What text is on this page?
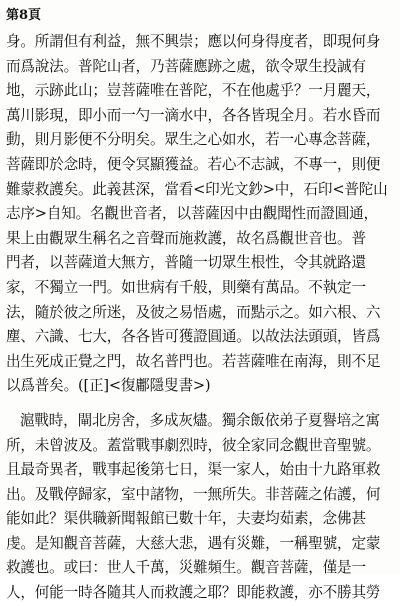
第8頁
身。所謂但有利益，無不興崇；應以何身得度者，即現何身
而爲說法。普陀山者，乃菩薩應跡之處，欲令眾生投誠有
地，示跡此山；豈菩薩唯在普陀，不在他處乎？一月麗天，
萬川影現，即小而一勺一滴水中，各各皆現全月。若水昏而
動，則月影便不分明矣。眾生之心如水，若一心專念菩薩，
菩薩即於念時，便令冥顯獲益。若心不志誠，不專一，則便
難蒙救護矣。此義甚深，當看<印光文鈔>中，石印<普陀山
志序>自知。名觀世音者，以菩薩因中由觀聞性而證圓通，
果上由觀眾生稱名之音聲而施救護，故名爲觀世音也。普
門者，以菩薩道大無方，普隨一切眾生根性，令其就路還
家，不獨立一門。如世病有千般，則藥有萬品。不執定一
法，隨於彼之所迷，及彼之易悟處，而點示之。如六根、六
塵、六識、七大，各各皆可獲證圓通。以故法法頭頭，皆爲
出生死成正覺之門，故名普門也。若菩薩唯在南海，則不足
以爲普矣。([正]<復鄘隱叟書>)
滬戰時，閘北房舍，多成灰燼。獨余飯依弟子夏譽培之寓
所，未曾波及。蓋當戰事劇烈時，彼全家同念觀世音聖號。
且最奇異者，戰事起後第七日，渠一家人，始由十九路軍救
出。及戰停歸家，室中諸物，一無所失。非菩薩之佑護，何
能如此？渠供職新聞報館已數十年，夫妻均茹素，念佛甚
虔。是知觀音菩薩，大慈大悲，遇有災難，一稱聖號，定蒙
救護也。或曰：世人千萬，災難頻生。觀音菩薩，僅是一
人，何能一時各隨其人而救護之耶？即能救護，亦不勝其勞
